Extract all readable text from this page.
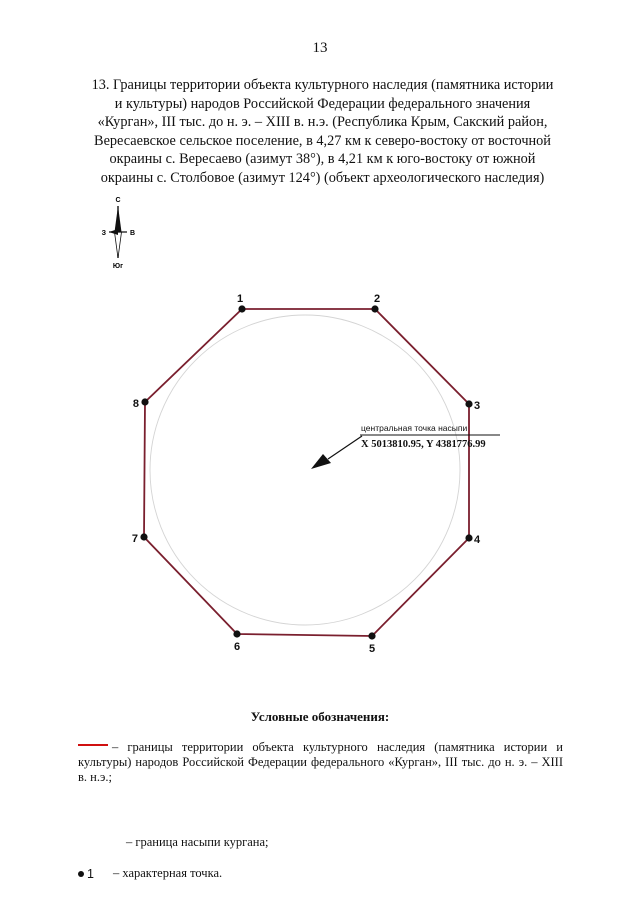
13
13. Границы территории объекта культурного наследия (памятника истории
и культуры) народов Российской Федерации федерального значения
«Курган», III тыс. до н. э. – XIII в. н.э. (Республика Крым, Сакский район,
Вересаевское сельское поселение, в 4,27 км к северо-востоку от восточной
окраины с. Вересаево (азимут 38°), в 4,21 км к юго-востоку от южной
окраины с. Столбовое (азимут 124°) (объект археологического наследия)
С
Юг
З	В
1	2
3
4
5
6
7
8
центральная точка насыпи
X 5013810.95, Y 4381776.99
Условные обозначения:
– границы территории объекта культурного наследия (памятника истории и культуры) народов Российской Федерации федерального «Курган», III тыс. до н. э. – XIII в. н.э.;
– граница насыпи кургана;
1	– характерная точка.
